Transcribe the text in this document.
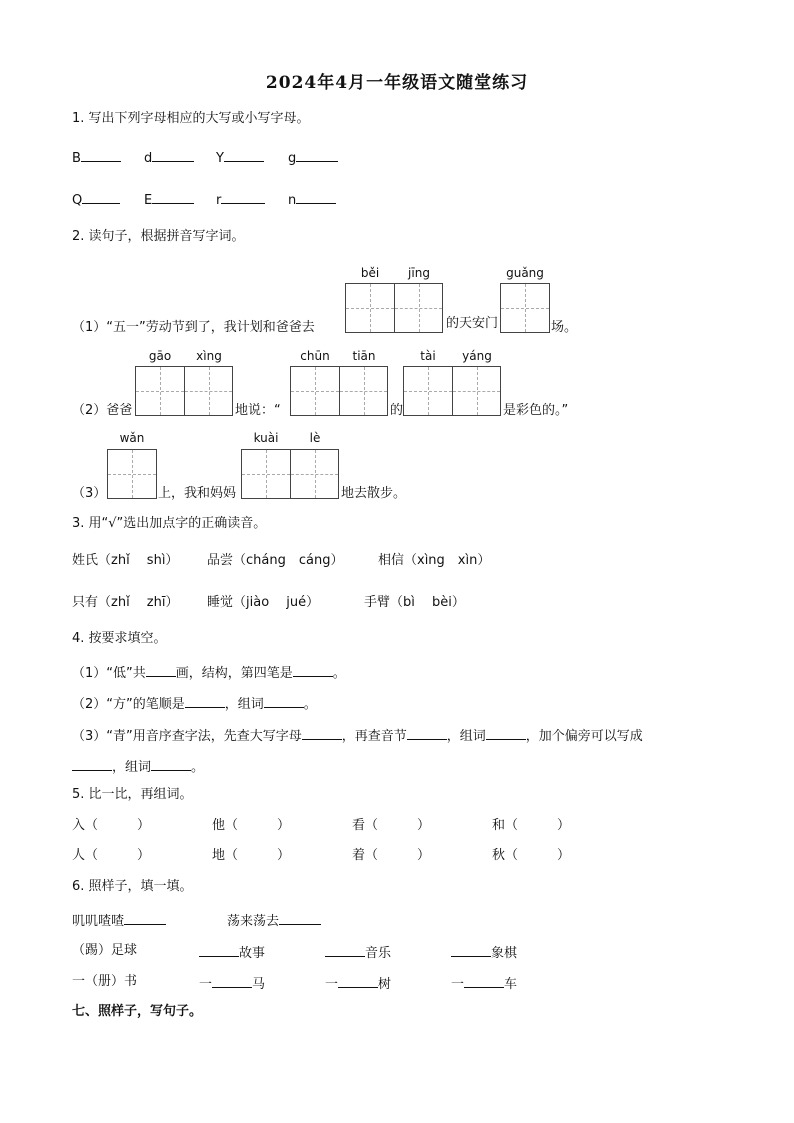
2024年4月一年级语文随堂练习
1. 写出下列字母相应的大写或小写字母。
B	d	Y	g
Q	E	r	n
2. 读句子，根据拼音写字词。
běi	jīng	guǎng
（1）“五一”劳动节到了，我计划和爸爸去	的天安门	场。
gāo	xìng	chūn	tiān	tài	yáng
（2）爸爸	地说：“	的	是彩色的。”
wǎn	kuài	lè
（3）	上，我和妈妈	地去散步。
3. 用“√”选出加点字的正确读音。
姓氏（zhǐ　 shì） 品尝（cháng　cáng）	相信（xìng　xìn）
只有（zhǐ　 zhī） 睡觉（jiào　 jué）	手臂（bì　 bèi）
4. 按要求填空。
（1）“低”共 画，结构，第四笔是	。
（2）“方”的笔顺是	，组词	。
（3）“青”用音序查字法，先查大写字母	，再查音节	，组词	，加个偏旁可以写成
，组词	。
5. 比一比，再组词。
入（　　　）	他（　　　）	看（　　　）	和（　　　）
人（　　　）	地（　　　）	着（　　　）	秋（　　　）
6. 照样子，填一填。
叽叽喳喳	荡来荡去
（踢）足球	故事	音乐	象棋
一（册）书	一	马	一	树	一	车
七、照样子，写句子。
